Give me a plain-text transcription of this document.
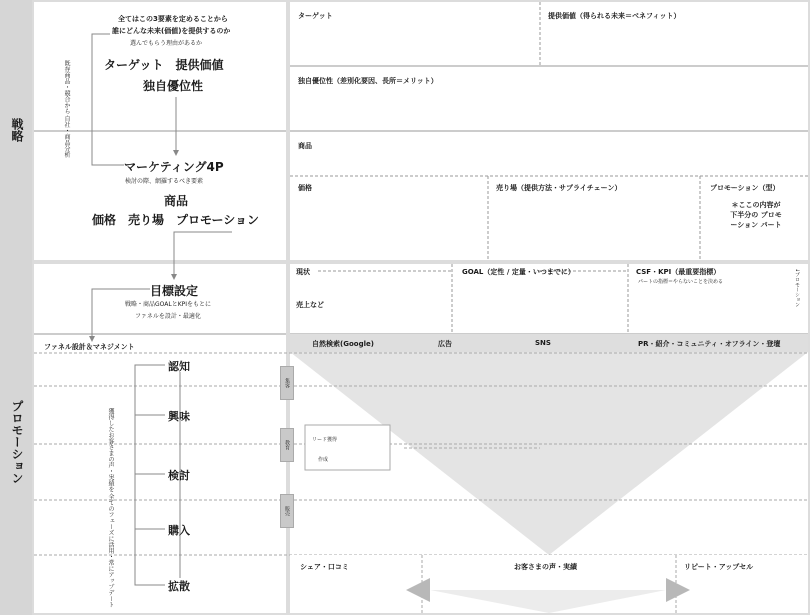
戦略
プロモーション
全てはこの3要素を定めることから
誰にどんな未来(価値)を提供するのか
選んでもらう理由があるか
既存商品・競合から 自社・商品分析	ターゲット　提供価値
独自優位性
マーケティング4P
検討の際、網羅するべき要素
商品
価格　売り場　プロモーション
目標設定
戦略・商品GOALとKPIをもとに
ファネルを設計・最適化
ファネル設計＆マネジメント
認知
興味
検討
購入
拡散
獲得したお客さまの声・実績を 全てのフェーズに活用・常にアップデート
ターゲット	提供価値（得られる未来＝ベネフィット）
独自優位性（差別化要因、長所＝メリット）
商品
価格	売り場（提供方法・サプライチェーン）	プロモーション（型）
＊ここの内容が 下半分の プロモーション パート
現状	GOAL（定性 / 定量・いつまでに）	CSF・KPI（最重要指標）
パートの指標＝やらないことを決める
売上など	↓プロモーション
自然検索(Google)	広告	SNS	PR・紹介・コミュニティ・オフライン・登壇
集客
教育
販売
リード獲得
作成
シェア・口コミ	お客さまの声・実績	リピート・アップセル
